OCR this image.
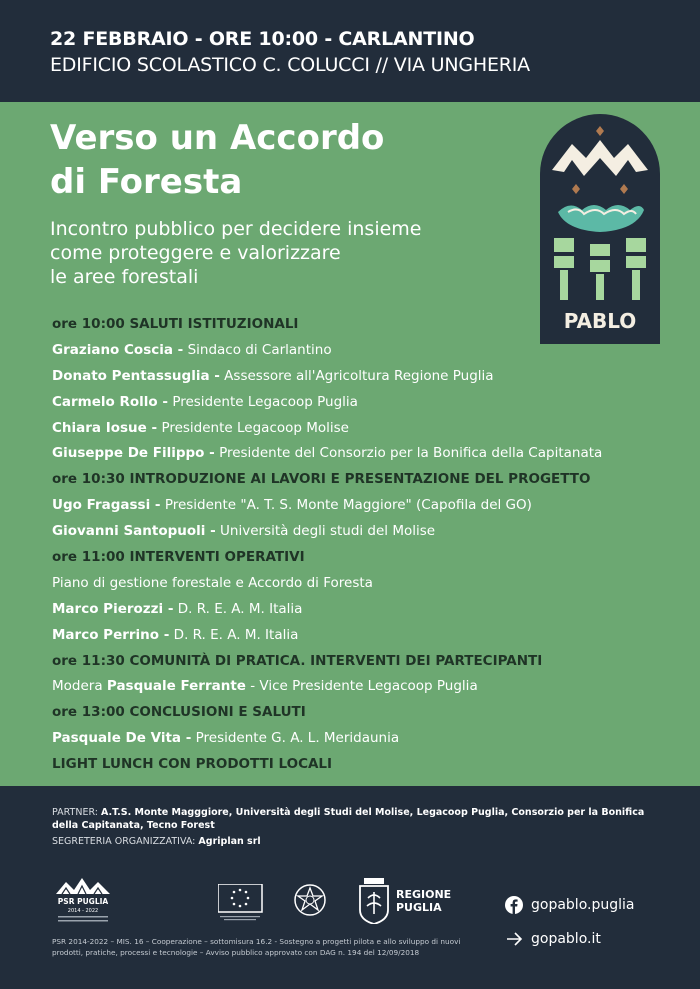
22 FEBBRAIO - ORE 10:00 - CARLANTINO
EDIFICIO SCOLASTICO C. COLUCCI // VIA UNGHERIA
Verso un Accordo
di Foresta
Incontro pubblico per decidere insieme
come proteggere e valorizzare
le aree forestali
PABLO
ore 10:00 SALUTI ISTITUZIONALI
Graziano Coscia - Sindaco di Carlantino
Donato Pentassuglia - Assessore all'Agricoltura Regione Puglia
Carmelo Rollo - Presidente Legacoop Puglia
Chiara Iosue - Presidente Legacoop Molise
Giuseppe De Filippo - Presidente del Consorzio per la Bonifica della Capitanata
ore 10:30 INTRODUZIONE AI LAVORI E PRESENTAZIONE DEL PROGETTO
Ugo Fragassi - Presidente "A. T. S. Monte Maggiore" (Capofila del GO)
Giovanni Santopuoli - Università degli studi del Molise
ore 11:00 INTERVENTI OPERATIVI
Piano di gestione forestale e Accordo di Foresta
Marco Pierozzi - D. R. E. A. M. Italia
Marco Perrino - D. R. E. A. M. Italia
ore 11:30 COMUNITÀ DI PRATICA. INTERVENTI DEI PARTECIPANTI
Modera Pasquale Ferrante - Vice Presidente Legacoop Puglia
ore 13:00 CONCLUSIONI E SALUTI
Pasquale De Vita - Presidente G. A. L. Meridaunia
LIGHT LUNCH CON PRODOTTI LOCALI
PARTNER: A.T.S. Monte Magggiore, Università degli Studi del Molise, Legacoop Puglia, Consorzio per la Bonifica della Capitanata, Tecno Forest
SEGRETERIA ORGANIZZATIVA: Agriplan srl
PSR PUGLIA
2014 - 2022
REGIONE
PUGLIA
PSR 2014-2022 – MIS. 16 – Cooperazione – sottomisura 16.2 - Sostegno a progetti pilota e allo sviluppo di nuovi prodotti, pratiche, processi e tecnologie – Avviso pubblico approvato con DAG n. 194 del 12/09/2018
gopablo.puglia
gopablo.it
